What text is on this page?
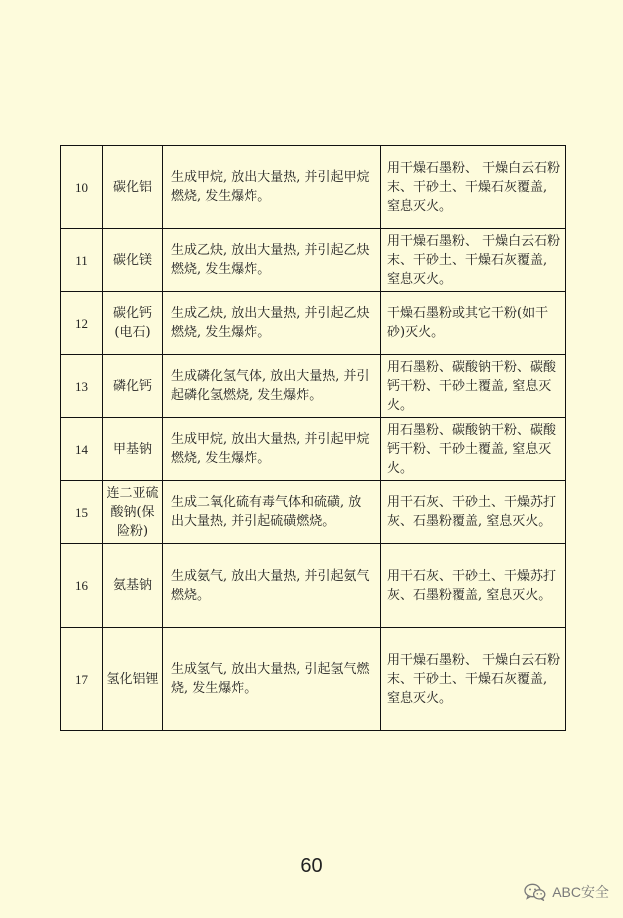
10	碳化铝	生成甲烷, 放出大量热, 并引起甲烷燃烧, 发生爆炸。	用干燥石墨粉、 干燥白云石粉末、干砂土、干燥石灰覆盖, 窒息灭火。

11	碳化镁	生成乙炔, 放出大量热, 并引起乙炔燃烧, 发生爆炸。	用干燥石墨粉、 干燥白云石粉末、干砂土、干燥石灰覆盖, 窒息灭火。

12	碳化钙(电石)	生成乙炔, 放出大量热, 并引起乙炔燃烧, 发生爆炸。	干燥石墨粉或其它干粉(如干砂)灭火。

13	磷化钙	生成磷化氢气体, 放出大量热, 并引起磷化氢燃烧, 发生爆炸。	用石墨粉、碳酸钠干粉、碳酸钙干粉、干砂土覆盖, 窒息灭火。

14	甲基钠	生成甲烷, 放出大量热, 并引起甲烷燃烧, 发生爆炸。	用石墨粉、碳酸钠干粉、碳酸钙干粉、干砂土覆盖, 窒息灭火。

15	连二亚硫酸钠(保险粉)	生成二氧化硫有毒气体和硫磺, 放出大量热, 并引起硫磺燃烧。	用干石灰、干砂土、干燥苏打灰、石墨粉覆盖, 窒息灭火。

16	氨基钠	生成氨气, 放出大量热, 并引起氨气燃烧。	用干石灰、干砂土、干燥苏打灰、石墨粉覆盖, 窒息灭火。

17	氢化铝锂	生成氢气, 放出大量热, 引起氢气燃烧, 发生爆炸。	用干燥石墨粉、 干燥白云石粉末、干砂土、干燥石灰覆盖, 窒息灭火。
60
ABC安全
